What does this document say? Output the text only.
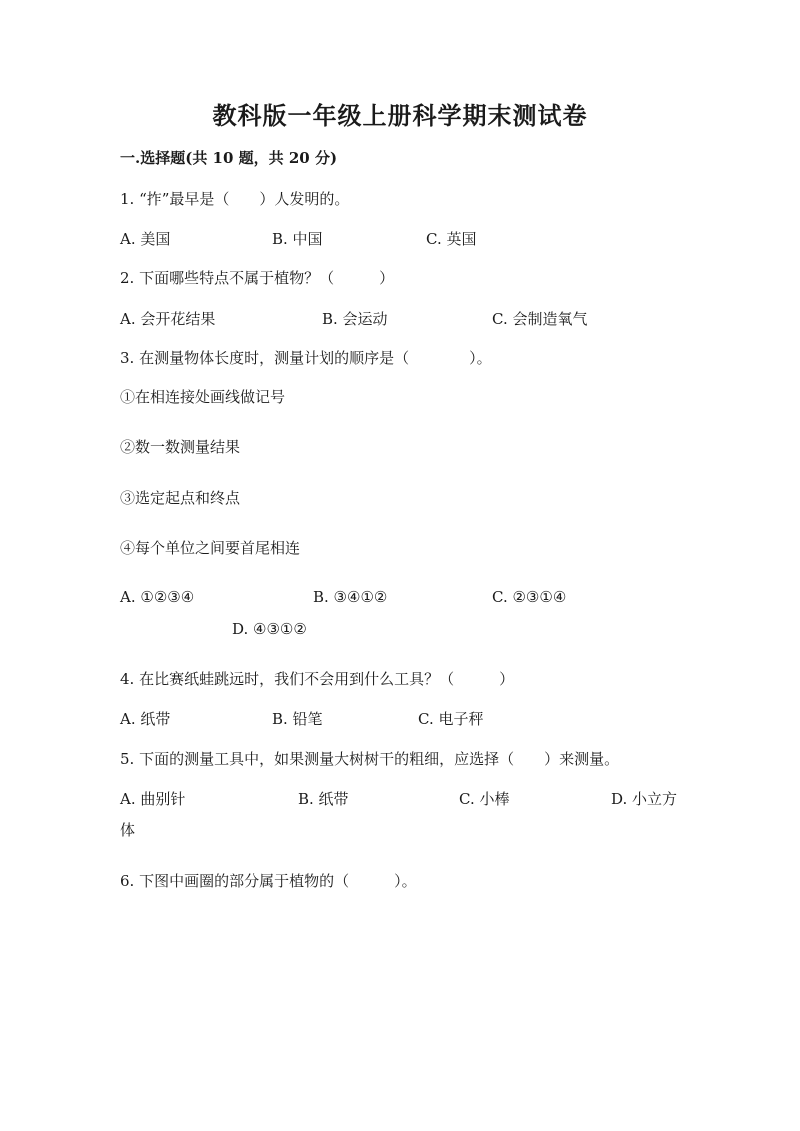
教科版一年级上册科学期末测试卷
一.选择题(共 10 题，共 20 分)
1. “拃”最早是（　　）人发明的。
A. 美国	B. 中国	C. 英国
2. 下面哪些特点不属于植物？（　　　）
A. 会开花结果	B. 会运动	C. 会制造氧气
3. 在测量物体长度时，测量计划的顺序是（　　　　）。
①在相连接处画线做记号
②数一数测量结果
③选定起点和终点
④每个单位之间要首尾相连
A. ①②③④	B. ③④①②	C. ②③①④
D. ④③①②
4. 在比赛纸蛙跳远时，我们不会用到什么工具？（　　　）
A. 纸带	B. 铅笔	C. 电子秤
5. 下面的测量工具中，如果测量大树树干的粗细，应选择（　　）来测量。
A. 曲别针	B. 纸带	C. 小棒	D. 小立方
体
6. 下图中画圈的部分属于植物的（　　　）。
